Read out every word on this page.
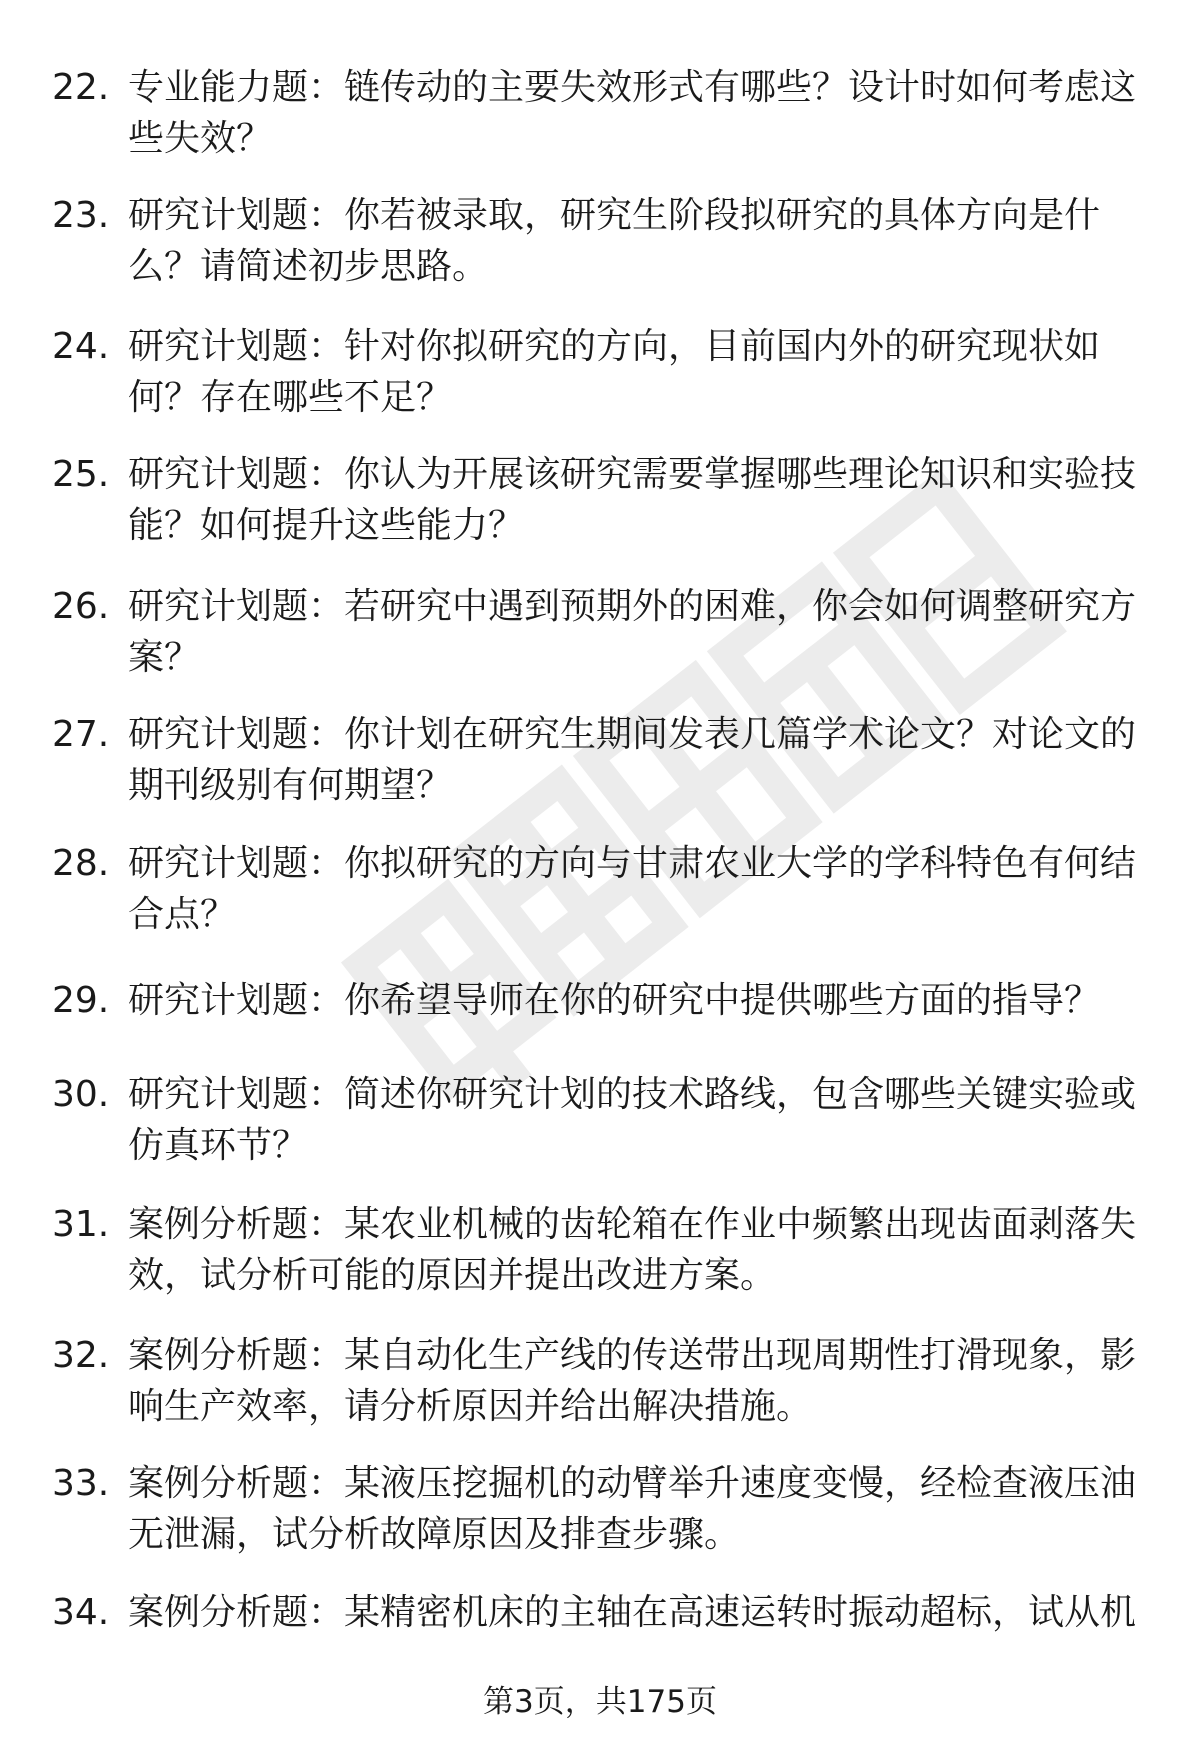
22. 专业能力题：链传动的主要失效形式有哪些？设计时如何考虑这些失效？
23. 研究计划题：你若被录取，研究生阶段拟研究的具体方向是什么？请简述初步思路。
24. 研究计划题：针对你拟研究的方向，目前国内外的研究现状如何？存在哪些不足？
25. 研究计划题：你认为开展该研究需要掌握哪些理论知识和实验技能？如何提升这些能力？
26. 研究计划题：若研究中遇到预期外的困难，你会如何调整研究方案？
27. 研究计划题：你计划在研究生期间发表几篇学术论文？对论文的期刊级别有何期望？
28. 研究计划题：你拟研究的方向与甘肃农业大学的学科特色有何结合点？
29. 研究计划题：你希望导师在你的研究中提供哪些方面的指导？
30. 研究计划题：简述你研究计划的技术路线，包含哪些关键实验或仿真环节？
31. 案例分析题：某农业机械的齿轮箱在作业中频繁出现齿面剥落失效，试分析可能的原因并提出改进方案。
32. 案例分析题：某自动化生产线的传送带出现周期性打滑现象，影响生产效率，请分析原因并给出解决措施。
33. 案例分析题：某液压挖掘机的动臂举升速度变慢，经检查液压油无泄漏，试分析故障原因及排查步骤。
34. 案例分析题：某精密机床的主轴在高速运转时振动超标，试从机
第3页，共175页
